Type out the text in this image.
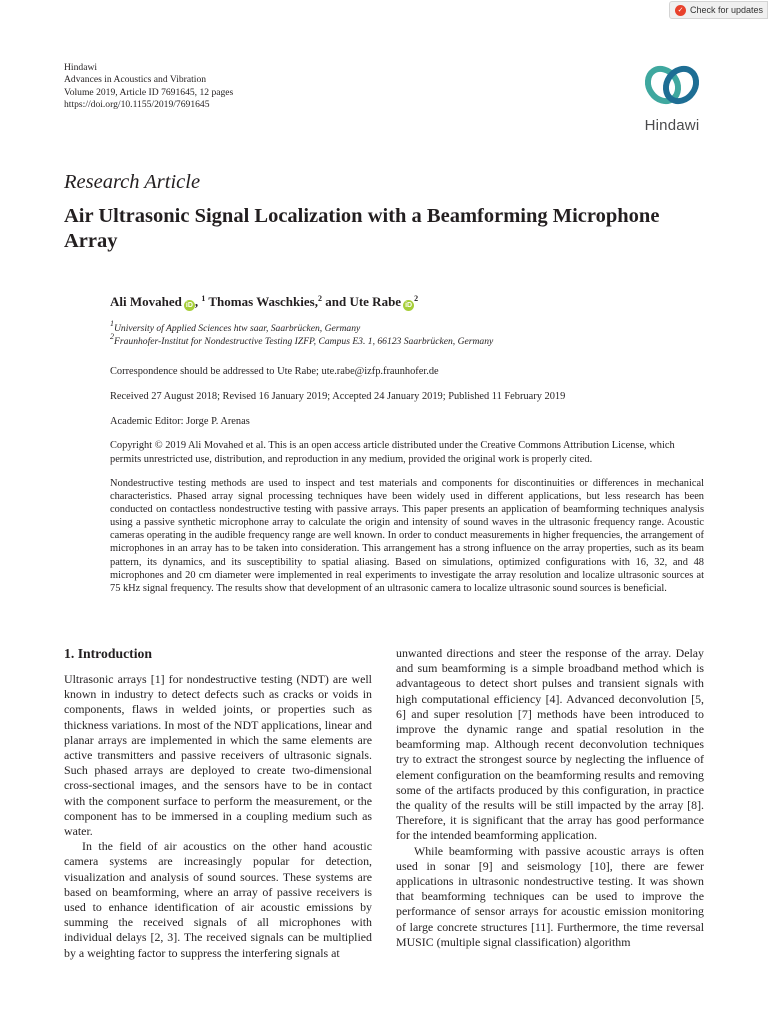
✓ Check for updates
Hindawi
Advances in Acoustics and Vibration
Volume 2019, Article ID 7691645, 12 pages
https://doi.org/10.1155/2019/7691645
Hindawi
Research Article
Air Ultrasonic Signal Localization with a Beamforming Microphone Array
Ali Movahed iD , $^1$ Thomas Waschkies,$^2$ and Ute Rabe $iD^2$
$^1$University of Applied Sciences htw saar, Saarbrücken, Germany
$^2$Fraunhofer-Institut for Nondestructive Testing IZFP, Campus E3. 1, 66123 Saarbrücken, Germany
Correspondence should be addressed to Ute Rabe; ute.rabe@izfp.fraunhofer.de
Received 27 August 2018; Revised 16 January 2019; Accepted 24 January 2019; Published 11 February 2019
Academic Editor: Jorge P. Arenas
Copyright © 2019 Ali Movahed et al. This is an open access article distributed under the Creative Commons Attribution License, which permits unrestricted use, distribution, and reproduction in any medium, provided the original work is properly cited.

Nondestructive testing methods are used to inspect and test materials and components for discontinuities or differences in mechanical characteristics. Phased array signal processing techniques have been widely used in different applications, but less research has been conducted on contactless nondestructive testing with passive arrays. This paper presents an application of beamforming techniques analysis using a passive synthetic microphone array to calculate the origin and intensity of sound waves in the ultrasonic frequency range. Acoustic cameras operating in the audible frequency range are well known. In order to conduct measurements in higher frequencies, the arrangement of microphones in an array has to be taken into consideration. This arrangement has a strong influence on the array properties, such as its beam pattern, its dynamics, and its susceptibility to spatial aliasing. Based on simulations, optimized configurations with 16, 32, and 48 microphones and 20 cm diameter were implemented in real experiments to investigate the array resolution and localize ultrasonic sources at 75 kHz signal frequency. The results show that development of an ultrasonic camera to localize ultrasonic sound sources is beneficial.

1. Introduction

Ultrasonic arrays [1] for nondestructive testing (NDT) are well known in industry to detect defects such as cracks or voids in components, flaws in welded joints, or properties such as thickness variations. In most of the NDT applications, linear and planar arrays are implemented in which the same elements are active transmitters and passive receivers of ultrasonic signals. Such phased arrays are deployed to create two-dimensional cross-sectional images, and the sensors have to be in contact with the component surface to perform the measurement, or the component has to be immersed in a coupling medium such as water.

In the field of air acoustics on the other hand acoustic camera systems are increasingly popular for detection, visualization and analysis of sound sources. These systems are based on beamforming, where an array of passive receivers is used to enhance identification of air acoustic emissions by summing the received signals of all microphones with individual delays [2, 3]. The received signals can be multiplied by a weighting factor to suppress the interfering signals at

unwanted directions and steer the response of the array. Delay and sum beamforming is a simple broadband method which is advantageous to detect short pulses and transient signals with high computational efficiency [4]. Advanced deconvolution [5, 6] and super resolution [7] methods have been introduced to improve the dynamic range and spatial resolution in the beamforming map. Although recent deconvolution techniques try to extract the strongest source by neglecting the influence of element configuration on the beamforming results and removing some of the artifacts produced by this configuration, in practice the quality of the results will be still impacted by the array [8]. Therefore, it is significant that the array has good performance for the intended beamforming application.

While beamforming with passive acoustic arrays is often used in sonar [9] and seismology [10], there are fewer applications in ultrasonic nondestructive testing. It was shown that beamforming techniques can be used to improve the performance of sensor arrays for acoustic emission monitoring of large concrete structures [11]. Furthermore, the time reversal MUSIC (multiple signal classification) algorithm
